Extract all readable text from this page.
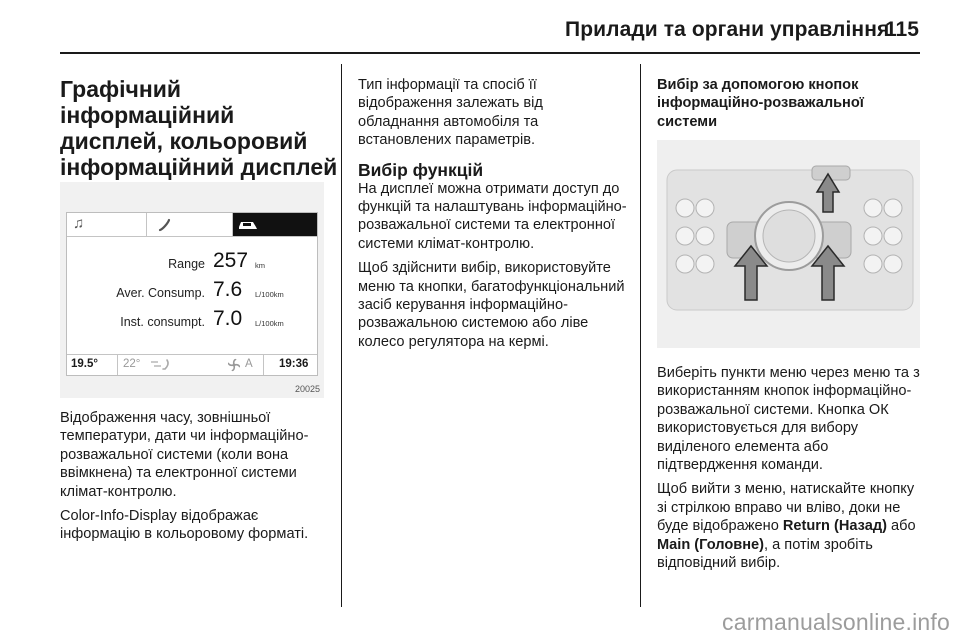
Прилади та органи управління
115
Графічний інформаційний дисплей, кольоровий інформаційний дисплей
♫
Range 257 km
Aver. Consump. 7.6 L/100km
Inst. consumpt. 7.0 L/100km
19.5° 22°	A 19:36
20025

Відображення часу, зовнішньої температури, дати чи інформаційно-розважальної системи (коли вона ввімкнена) та електронної системи клімат-контролю.

Color-Info-Display відображає інформацію в кольоровому форматі.

Тип інформації та спосіб її відображення залежать від обладнання автомобіля та встановлених параметрів.

Вибір функцій

На дисплеї можна отримати доступ до функцій та налаштувань інформаційно-розважальної системи та електронної системи клімат-контролю.

Щоб здійснити вибір, використовуйте меню та кнопки, багатофункціональний засіб керування інформаційно-розважальною системою або ліве колесо регулятора на кермі.

Вибір за допомогою кнопок інформаційно-розважальної системи

Виберіть пункти меню через меню та з використанням кнопок інформаційно-розважальної системи. Кнопка ОК використовується для вибору виділеного елемента або підтвердження команди.

Щоб вийти з меню, натискайте кнопку зі стрілкою вправо чи вліво, доки не буде відображено Return (Назад) або Main (Головне), а потім зробіть відповідний вибір.

carmanualsonline.info
